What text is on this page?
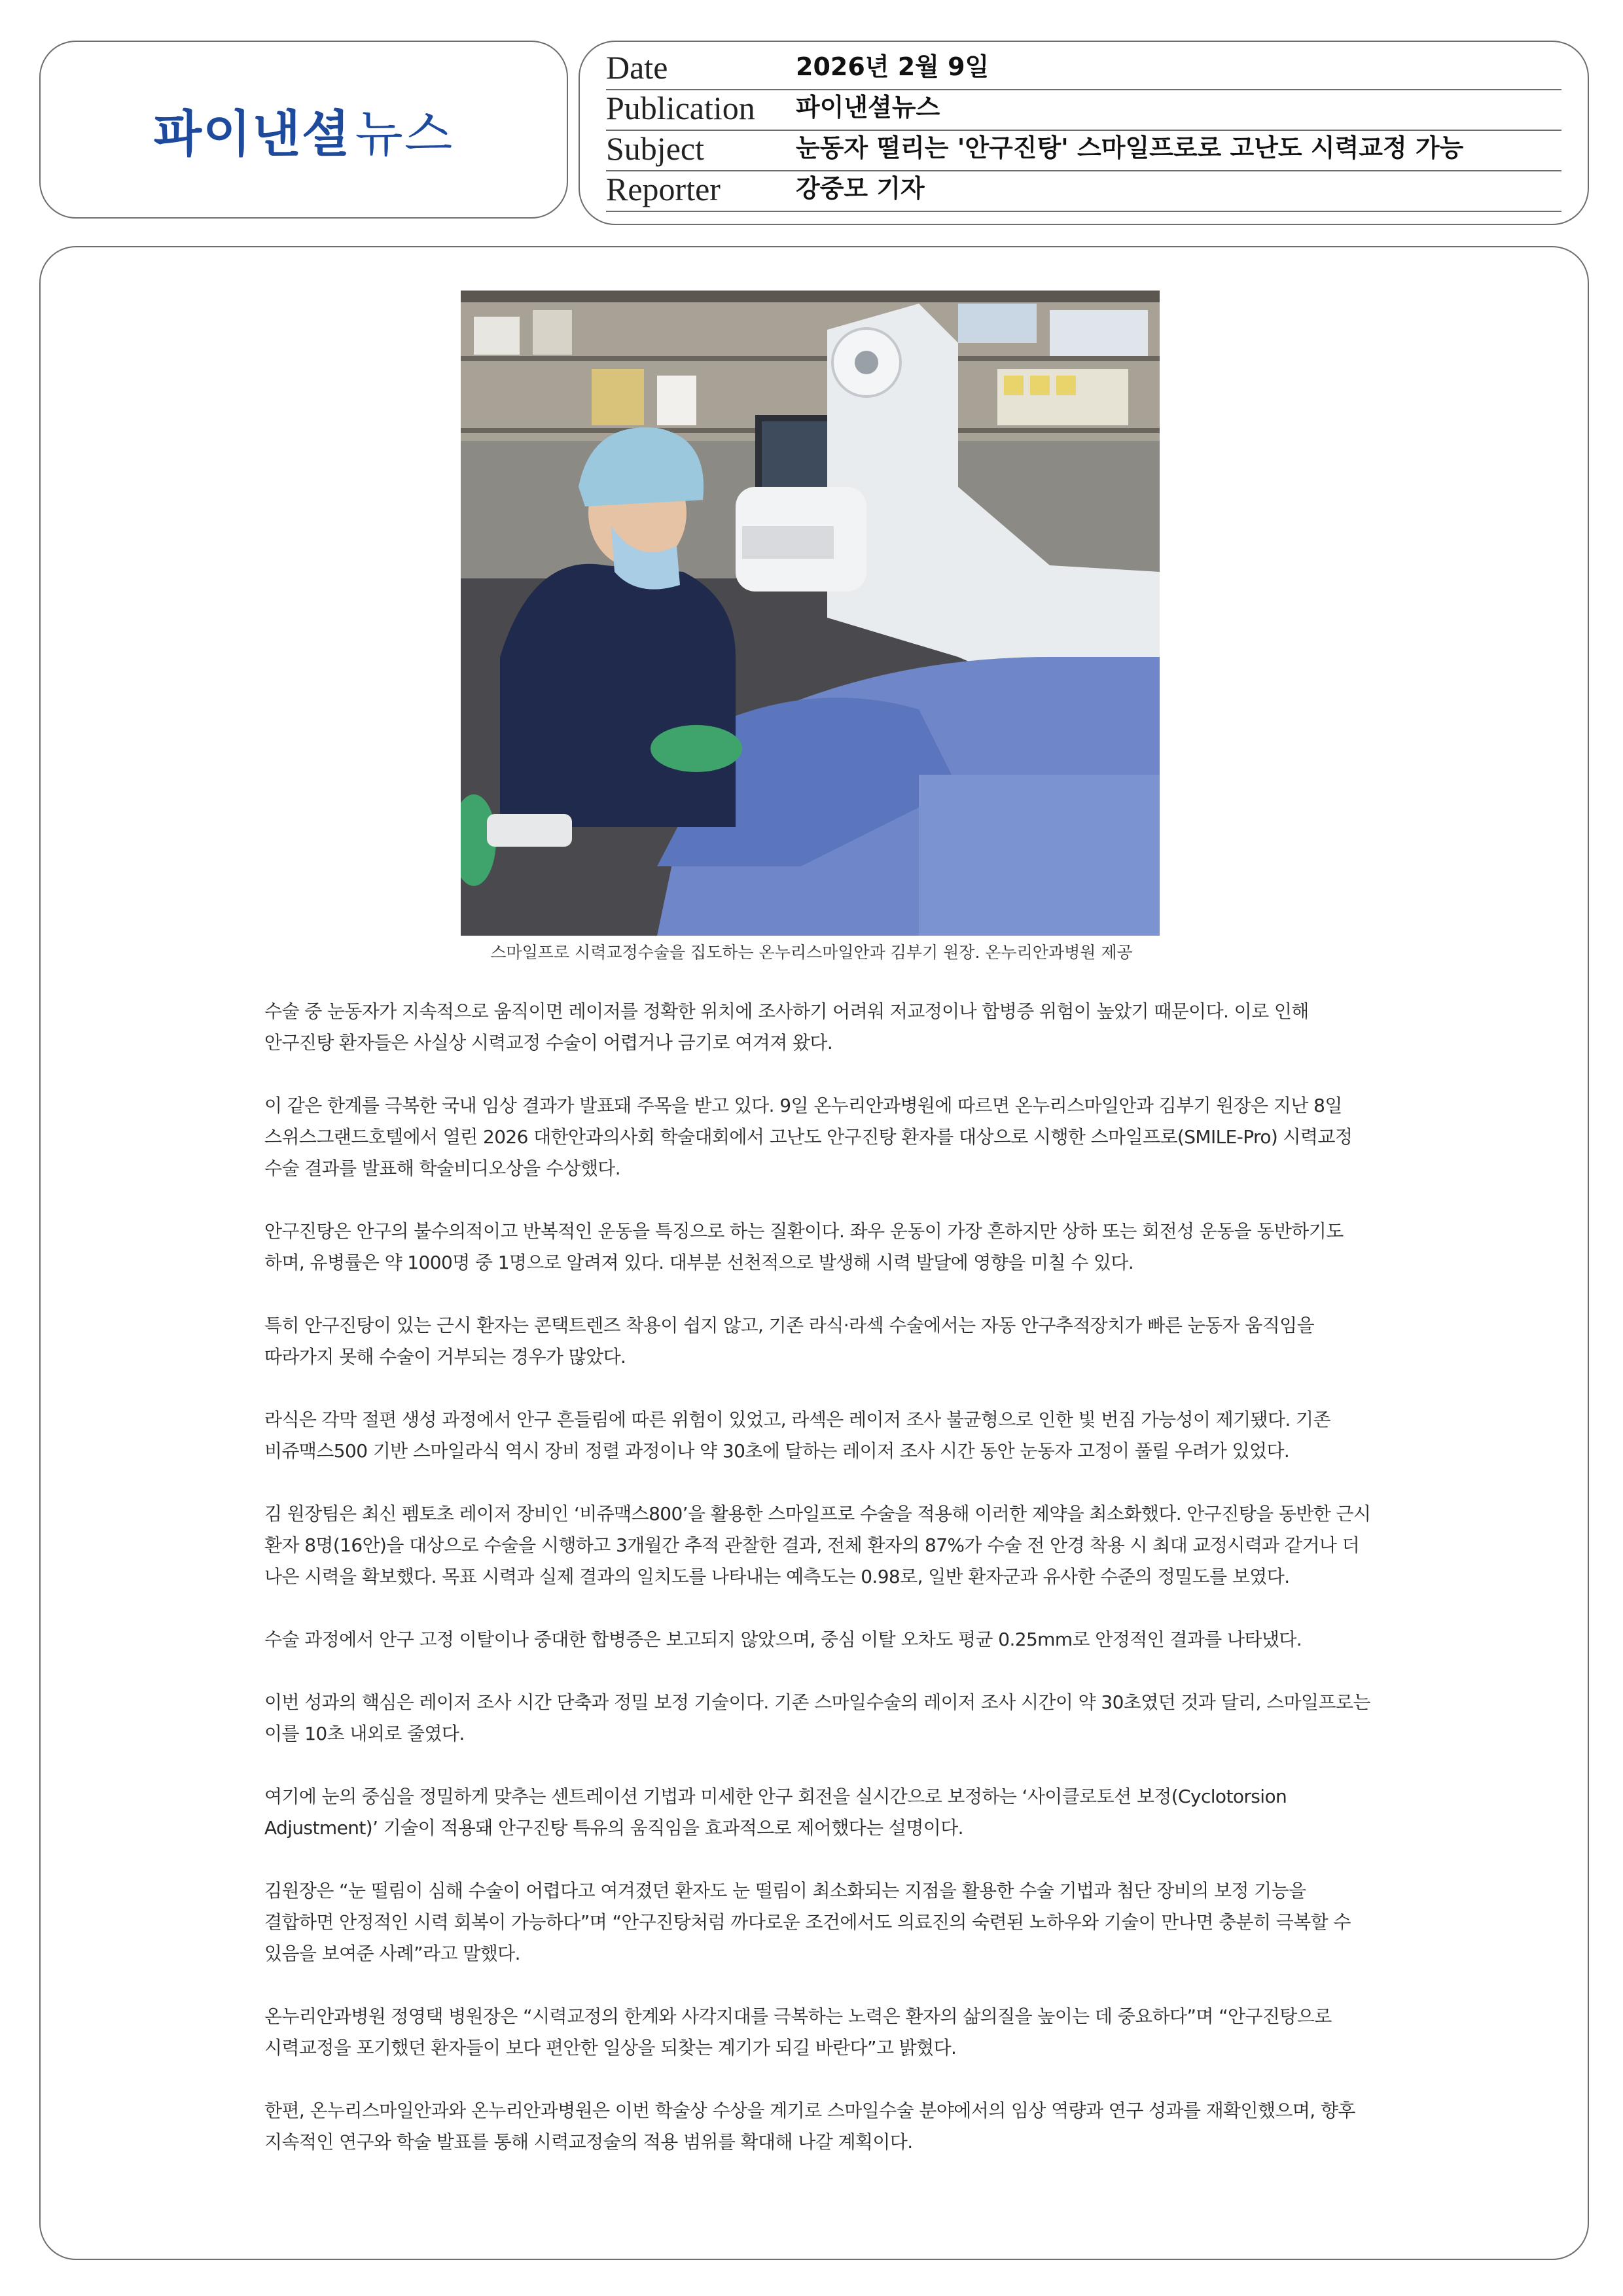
파이낸셜뉴스
Date	2026년 2월 9일
Publication 파이낸셜뉴스
Subject	눈동자 떨리는 '안구진탕' 스마일프로로 고난도 시력교정 가능
Reporter	강중모 기자
스마일프로 시력교정수술을 집도하는 온누리스마일안과 김부기 원장. 온누리안과병원 제공

수술 중 눈동자가 지속적으로 움직이면 레이저를 정확한 위치에 조사하기 어려워 저교정이나 합병증 위험이 높았기 때문이다. 이로 인해 안구진탕 환자들은 사실상 시력교정 수술이 어렵거나 금기로 여겨져 왔다.

이 같은 한계를 극복한 국내 임상 결과가 발표돼 주목을 받고 있다. 9일 온누리안과병원에 따르면 온누리스마일안과 김부기 원장은 지난 8일 스위스그랜드호텔에서 열린 2026 대한안과의사회 학술대회에서 고난도 안구진탕 환자를 대상으로 시행한 스마일프로(SMILE-Pro) 시력교정 수술 결과를 발표해 학술비디오상을 수상했다.

안구진탕은 안구의 불수의적이고 반복적인 운동을 특징으로 하는 질환이다. 좌우 운동이 가장 흔하지만 상하 또는 회전성 운동을 동반하기도 하며, 유병률은 약 1000명 중 1명으로 알려져 있다. 대부분 선천적으로 발생해 시력 발달에 영향을 미칠 수 있다.

특히 안구진탕이 있는 근시 환자는 콘택트렌즈 착용이 쉽지 않고, 기존 라식·라섹 수술에서는 자동 안구추적장치가 빠른 눈동자 움직임을 따라가지 못해 수술이 거부되는 경우가 많았다.

라식은 각막 절편 생성 과정에서 안구 흔들림에 따른 위험이 있었고, 라섹은 레이저 조사 불균형으로 인한 빛 번짐 가능성이 제기됐다. 기존 비쥬맥스500 기반 스마일라식 역시 장비 정렬 과정이나 약 30초에 달하는 레이저 조사 시간 동안 눈동자 고정이 풀릴 우려가 있었다.

김 원장팀은 최신 펨토초 레이저 장비인 ‘비쥬맥스800’을 활용한 스마일프로 수술을 적용해 이러한 제약을 최소화했다. 안구진탕을 동반한 근시 환자 8명(16안)을 대상으로 수술을 시행하고 3개월간 추적 관찰한 결과, 전체 환자의 87%가 수술 전 안경 착용 시 최대 교정시력과 같거나 더 나은 시력을 확보했다. 목표 시력과 실제 결과의 일치도를 나타내는 예측도는 0.98로, 일반 환자군과 유사한 수준의 정밀도를 보였다.

수술 과정에서 안구 고정 이탈이나 중대한 합병증은 보고되지 않았으며, 중심 이탈 오차도 평균 0.25mm로 안정적인 결과를 나타냈다.

이번 성과의 핵심은 레이저 조사 시간 단축과 정밀 보정 기술이다. 기존 스마일수술의 레이저 조사 시간이 약 30초였던 것과 달리, 스마일프로는 이를 10초 내외로 줄였다.

여기에 눈의 중심을 정밀하게 맞추는 센트레이션 기법과 미세한 안구 회전을 실시간으로 보정하는 ‘사이클로토션 보정(Cyclotorsion Adjustment)’ 기술이 적용돼 안구진탕 특유의 움직임을 효과적으로 제어했다는 설명이다.

김원장은 “눈 떨림이 심해 수술이 어렵다고 여겨졌던 환자도 눈 떨림이 최소화되는 지점을 활용한 수술 기법과 첨단 장비의 보정 기능을 결합하면 안정적인 시력 회복이 가능하다”며 “안구진탕처럼 까다로운 조건에서도 의료진의 숙련된 노하우와 기술이 만나면 충분히 극복할 수 있음을 보여준 사례”라고 말했다.

온누리안과병원 정영택 병원장은 “시력교정의 한계와 사각지대를 극복하는 노력은 환자의 삶의질을 높이는 데 중요하다”며 “안구진탕으로 시력교정을 포기했던 환자들이 보다 편안한 일상을 되찾는 계기가 되길 바란다”고 밝혔다.

한편, 온누리스마일안과와 온누리안과병원은 이번 학술상 수상을 계기로 스마일수술 분야에서의 임상 역량과 연구 성과를 재확인했으며, 향후 지속적인 연구와 학술 발표를 통해 시력교정술의 적용 범위를 확대해 나갈 계획이다.
